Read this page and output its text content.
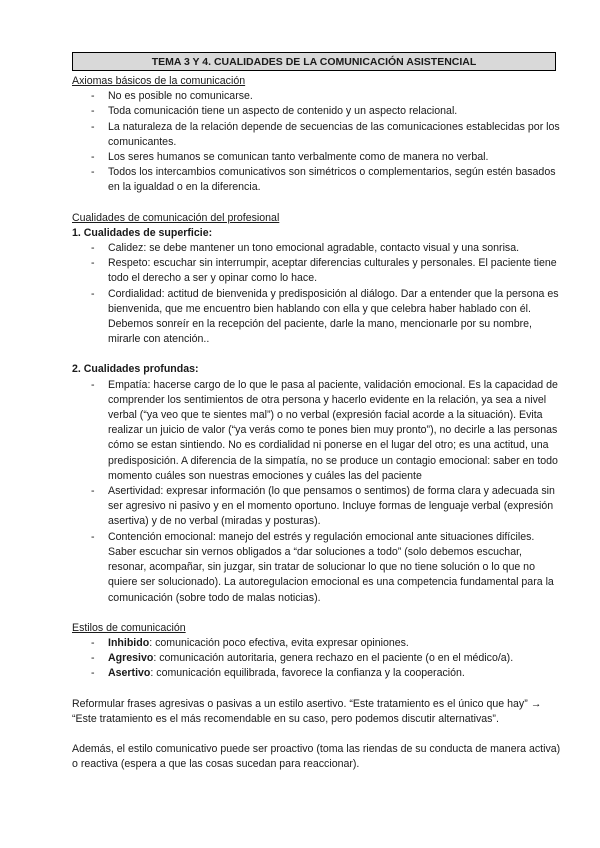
TEMA 3 Y 4. CUALIDADES DE LA COMUNICACIÓN ASISTENCIAL
Axiomas básicos de la comunicación
- No es posible no comunicarse.
- Toda comunicación tiene un aspecto de contenido y un aspecto relacional.
- La naturaleza de la relación depende de secuencias de las comunicaciones establecidas por los comunicantes.
- Los seres humanos se comunican tanto verbalmente como de manera no verbal.
- Todos los intercambios comunicativos son simétricos o complementarios, según estén basados en la igualdad o en la diferencia.
Cualidades de comunicación del profesional
1. Cualidades de superficie:
- Calidez: se debe mantener un tono emocional agradable, contacto visual y una sonrisa.
- Respeto: escuchar sin interrumpir, aceptar diferencias culturales y personales. El paciente tiene todo el derecho a ser y opinar como lo hace.
- Cordialidad: actitud de bienvenida y predisposición al diálogo. Dar a entender que la persona es bienvenida, que me encuentro bien hablando con ella y que celebra haber hablado con él. Debemos sonreír en la recepción del paciente, darle la mano, mencionarle por su nombre, mirarle con atención..
2. Cualidades profundas:
- Empatía: hacerse cargo de lo que le pasa al paciente, validación emocional. Es la capacidad de comprender los sentimientos de otra persona y hacerlo evidente en la relación, ya sea a nivel verbal (“ya veo que te sientes mal”) o no verbal (expresión facial acorde a la situación). Evita realizar un juicio de valor (“ya verás como te pones bien muy pronto”), no decirle a las personas cómo se estan sintiendo. No es cordialidad ni ponerse en el lugar del otro; es una actitud, una predisposición. A diferencia de la simpatía, no se produce un contagio emocional: saber en todo momento cuáles son nuestras emociones y cuáles las del paciente
- Asertividad: expresar información (lo que pensamos o sentimos) de forma clara y adecuada sin ser agresivo ni pasivo y en el momento oportuno. Incluye formas de lenguaje verbal (expresión asertiva) y de no verbal (miradas y posturas).
- Contención emocional: manejo del estrés y regulación emocional ante situaciones difíciles. Saber escuchar sin vernos obligados a “dar soluciones a todo” (solo debemos escuchar, resonar, acompañar, sin juzgar, sin tratar de solucionar lo que no tiene solución o lo que no quiere ser solucionado). La autoregulacion emocional es una competencia fundamental para la comunicación (sobre todo de malas noticias).
Estilos de comunicación
- Inhibido: comunicación poco efectiva, evita expresar opiniones.
- Agresivo: comunicación autoritaria, genera rechazo en el paciente (o en el médico/a).
- Asertivo: comunicación equilibrada, favorece la confianza y la cooperación.

Reformular frases agresivas o pasivas a un estilo asertivo. “Este tratamiento es el único que hay” → “Este tratamiento es el más recomendable en su caso, pero podemos discutir alternativas”.

Además, el estilo comunicativo puede ser proactivo (toma las riendas de su conducta de manera activa) o reactiva (espera a que las cosas sucedan para reaccionar).
